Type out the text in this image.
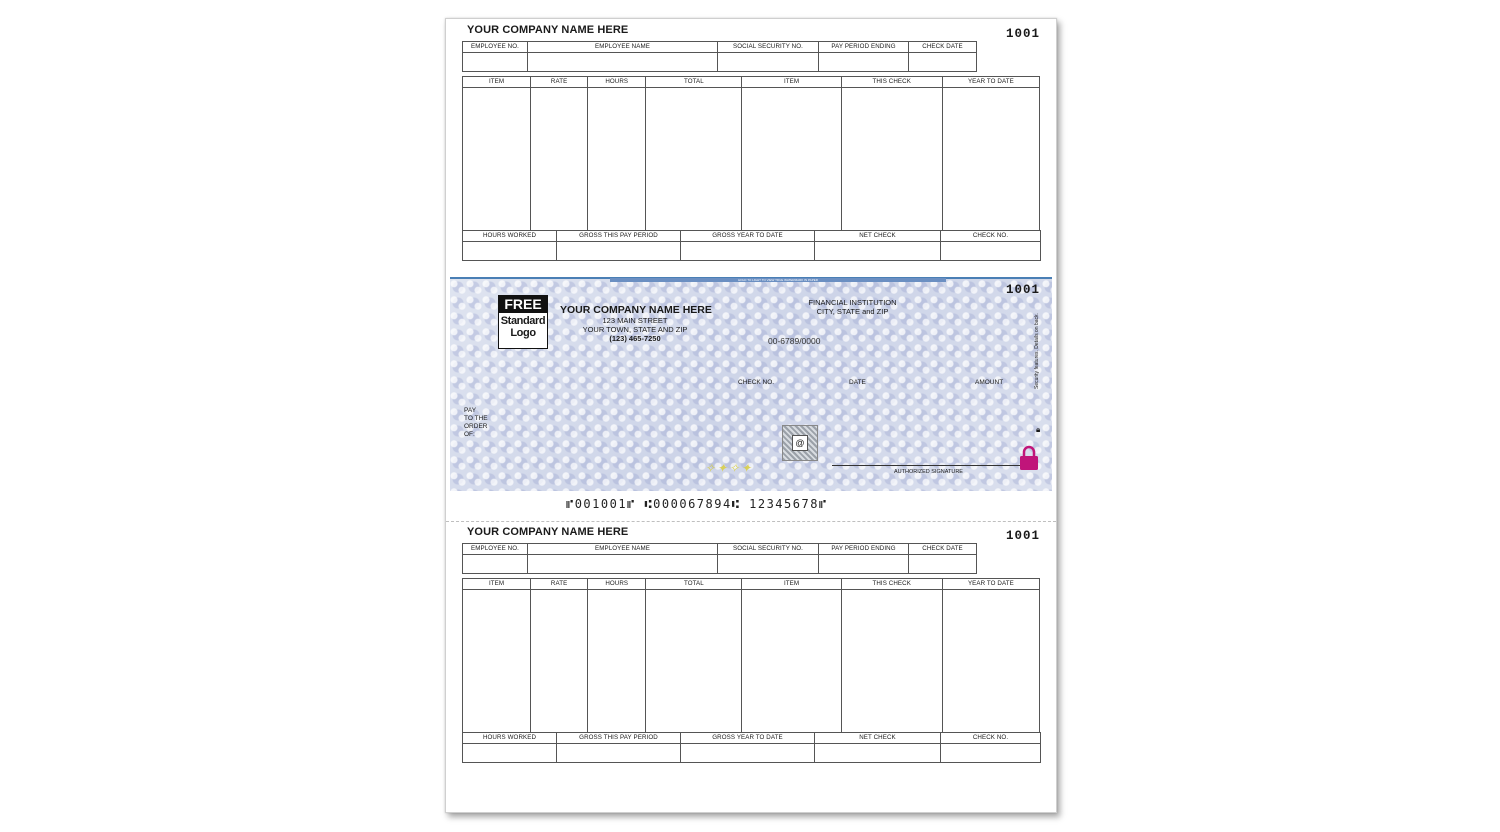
YOUR COMPANY NAME HERE	1001
EMPLOYEE NO.	EMPLOYEE NAME	SOCIAL SECURITY NO.	PAY PERIOD ENDING	CHECK DATE

ITEM	RATE	HOURS	TOTAL	ITEM	THIS CHECK	YEAR TO DATE

HOURS WORKED	GROSS THIS PAY PERIOD	GROSS YEAR TO DATE	NET CHECK	CHECK NO.

HOLD TO LIGHT TO VIEW TRUE WATERMARK IN PAPER
1001
FREE
Standard
Logo
YOUR COMPANY NAME HERE
123 MAIN STREET
YOUR TOWN, STATE AND ZIP
(123) 465-7250
FINANCIAL INSTITUTION
CITY, STATE and ZIP
00-6789/0000
CHECK NO.	DATE	AMOUNT
PAY
TO THE
ORDER
OF:
@
✧✦✧✦	AUTHORIZED SIGNATURE
Security features. Details on back.
🔒︎
⑈001001⑈ ⑆000067894⑆ 12345678⑈
YOUR COMPANY NAME HERE	1001
EMPLOYEE NO.	EMPLOYEE NAME	SOCIAL SECURITY NO.	PAY PERIOD ENDING	CHECK DATE

ITEM	RATE	HOURS	TOTAL	ITEM	THIS CHECK	YEAR TO DATE

HOURS WORKED	GROSS THIS PAY PERIOD	GROSS YEAR TO DATE	NET CHECK	CHECK NO.
